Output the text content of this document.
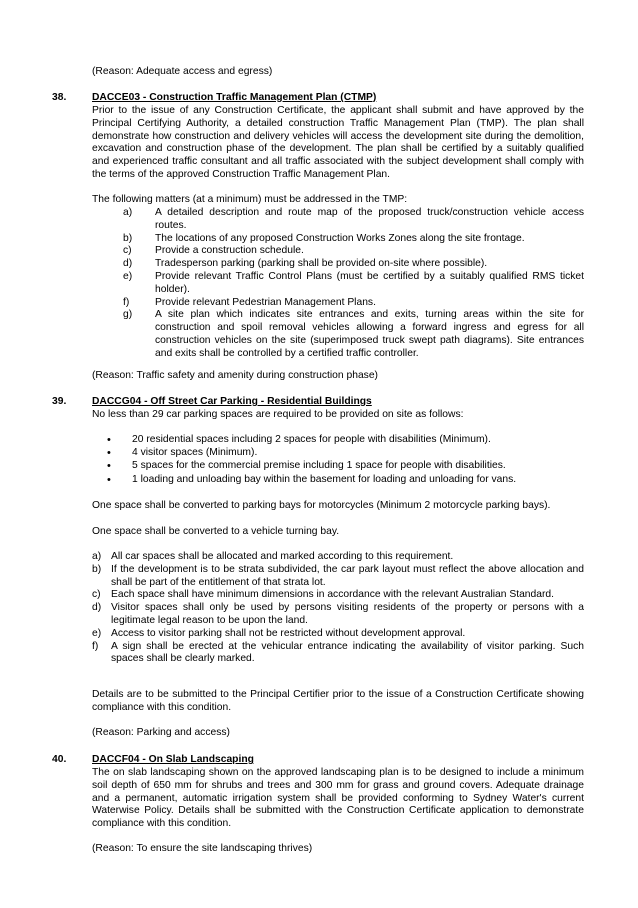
(Reason: Adequate access and egress)

38. DACCE03 - Construction Traffic Management Plan (CTMP)

Prior to the issue of any Construction Certificate, the applicant shall submit and have approved by the Principal Certifying Authority, a detailed construction Traffic Management Plan (TMP). The plan shall demonstrate how construction and delivery vehicles will access the development site during the demolition, excavation and construction phase of the development. The plan shall be certified by a suitably qualified and experienced traffic consultant and all traffic associated with the subject development shall comply with the terms of the approved Construction Traffic Management Plan.

The following matters (at a minimum) must be addressed in the TMP:

a) A detailed description and route map of the proposed truck/construction vehicle access routes.
b) The locations of any proposed Construction Works Zones along the site frontage.
c) Provide a construction schedule.
d) Tradesperson parking (parking shall be provided on-site where possible).
e) Provide relevant Traffic Control Plans (must be certified by a suitably qualified RMS ticket holder).
f) Provide relevant Pedestrian Management Plans.
g) A site plan which indicates site entrances and exits, turning areas within the site for construction and spoil removal vehicles allowing a forward ingress and egress for all construction vehicles on the site (superimposed truck swept path diagrams). Site entrances and exits shall be controlled by a certified traffic controller.

(Reason: Traffic safety and amenity during construction phase)

39. DACCG04 - Off Street Car Parking - Residential Buildings

No less than 29 car parking spaces are required to be provided on site as follows:

• 20 residential spaces including 2 spaces for people with disabilities (Minimum).
• 4 visitor spaces (Minimum).
• 5 spaces for the commercial premise including 1 space for people with disabilities.
• 1 loading and unloading bay within the basement for loading and unloading for vans.

One space shall be converted to parking bays for motorcycles (Minimum 2 motorcycle parking bays).

One space shall be converted to a vehicle turning bay.

a) All car spaces shall be allocated and marked according to this requirement.
b) If the development is to be strata subdivided, the car park layout must reflect the above allocation and shall be part of the entitlement of that strata lot.
c) Each space shall have minimum dimensions in accordance with the relevant Australian Standard.
d) Visitor spaces shall only be used by persons visiting residents of the property or persons with a legitimate legal reason to be upon the land.
e) Access to visitor parking shall not be restricted without development approval.
f) A sign shall be erected at the vehicular entrance indicating the availability of visitor parking. Such spaces shall be clearly marked.

Details are to be submitted to the Principal Certifier prior to the issue of a Construction Certificate showing compliance with this condition.

(Reason: Parking and access)

40. DACCF04 - On Slab Landscaping

The on slab landscaping shown on the approved landscaping plan is to be designed to include a minimum soil depth of 650 mm for shrubs and trees and 300 mm for grass and ground covers. Adequate drainage and a permanent, automatic irrigation system shall be provided conforming to Sydney Water's current Waterwise Policy. Details shall be submitted with the Construction Certificate application to demonstrate compliance with this condition.

(Reason: To ensure the site landscaping thrives)
